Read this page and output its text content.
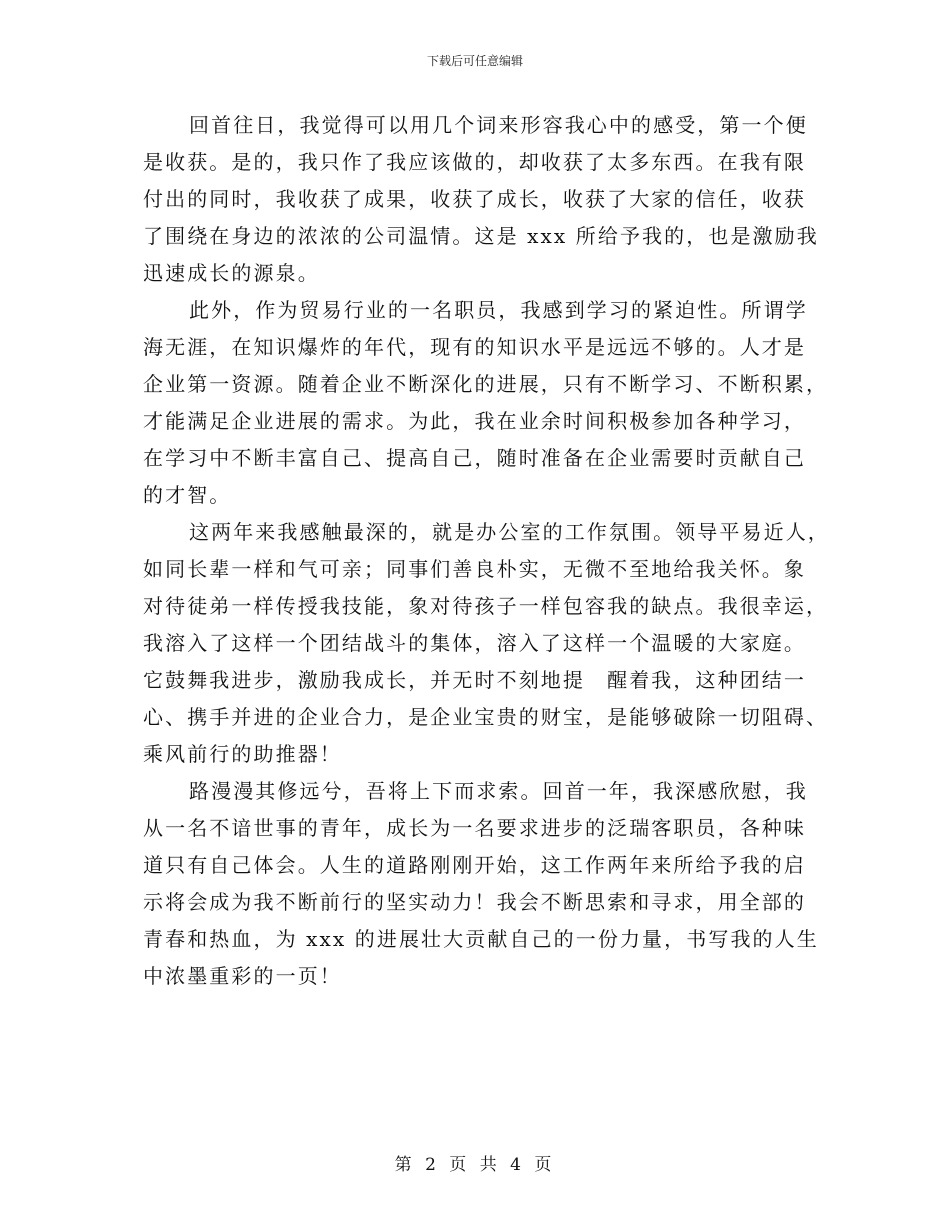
下载后可任意编辑
回首往日，我觉得可以用几个词来形容我心中的感受，第一个便
是收获。是的，我只作了我应该做的，却收获了太多东西。在我有限
付出的同时，我收获了成果，收获了成长，收获了大家的信任，收获
了围绕在身边的浓浓的公司温情。这是 xxx 所给予我的，也是激励我
迅速成长的源泉。
此外，作为贸易行业的一名职员，我感到学习的紧迫性。所谓学
海无涯，在知识爆炸的年代，现有的知识水平是远远不够的。人才是
企业第一资源。随着企业不断深化的进展，只有不断学习、不断积累，
才能满足企业进展的需求。为此，我在业余时间积极参加各种学习，
在学习中不断丰富自己、提高自己，随时准备在企业需要时贡献自己
的才智。
这两年来我感触最深的，就是办公室的工作氛围。领导平易近人，
如同长辈一样和气可亲；同事们善良朴实，无微不至地给我关怀。象
对待徒弟一样传授我技能，象对待孩子一样包容我的缺点。我很幸运，
我溶入了这样一个团结战斗的集体，溶入了这样一个温暖的大家庭。
它鼓舞我进步，激励我成长，并无时不刻地提　醒着我，这种团结一
心、携手并进的企业合力，是企业宝贵的财宝，是能够破除一切阻碍、
乘风前行的助推器！
路漫漫其修远兮，吾将上下而求索。回首一年，我深感欣慰，我
从一名不谙世事的青年，成长为一名要求进步的泛瑞客职员，各种味
道只有自己体会。人生的道路刚刚开始，这工作两年来所给予我的启
示将会成为我不断前行的坚实动力！我会不断思索和寻求，用全部的
青春和热血，为 xxx 的进展壮大贡献自己的一份力量，书写我的人生
中浓墨重彩的一页！
第 2 页 共 4 页
